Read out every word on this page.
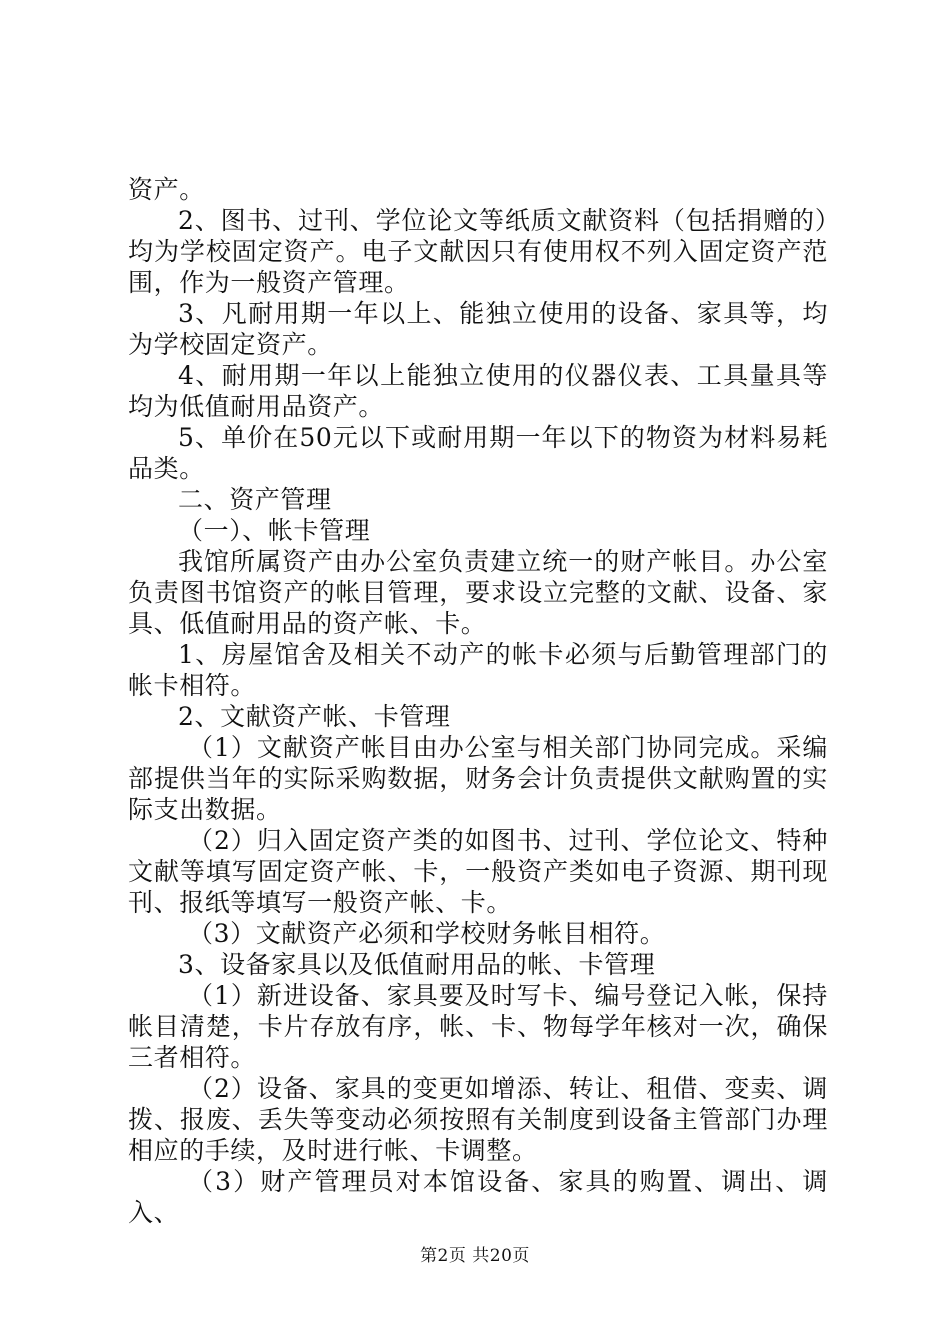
资产。

2、图书、过刊、学位论文等纸质文献资料（包括捐赠的）均为学校固定资产。电子文献因只有使用权不列入固定资产范围，作为一般资产管理。

3、凡耐用期一年以上、能独立使用的设备、家具等，均为学校固定资产。

4、耐用期一年以上能独立使用的仪器仪表、工具量具等均为低值耐用品资产。

5、单价在50元以下或耐用期一年以下的物资为材料易耗品类。

二、资产管理

（一）、帐卡管理

我馆所属资产由办公室负责建立统一的财产帐目。办公室负责图书馆资产的帐目管理，要求设立完整的文献、设备、家具、低值耐用品的资产帐、卡。

1、房屋馆舍及相关不动产的帐卡必须与后勤管理部门的帐卡相符。

2、文献资产帐、卡管理

（1）文献资产帐目由办公室与相关部门协同完成。采编部提供当年的实际采购数据，财务会计负责提供文献购置的实际支出数据。

（2）归入固定资产类的如图书、过刊、学位论文、特种文献等填写固定资产帐、卡，一般资产类如电子资源、期刊现刊、报纸等填写一般资产帐、卡。

（3）文献资产必须和学校财务帐目相符。

3、设备家具以及低值耐用品的帐、卡管理

（1）新进设备、家具要及时写卡、编号登记入帐，保持帐目清楚，卡片存放有序，帐、卡、物每学年核对一次，确保三者相符。

（2）设备、家具的变更如增添、转让、租借、变卖、调拨、报废、丢失等变动必须按照有关制度到设备主管部门办理相应的手续，及时进行帐、卡调整。

（3）财产管理员对本馆设备、家具的购置、调出、调入、

第2页 共20页
